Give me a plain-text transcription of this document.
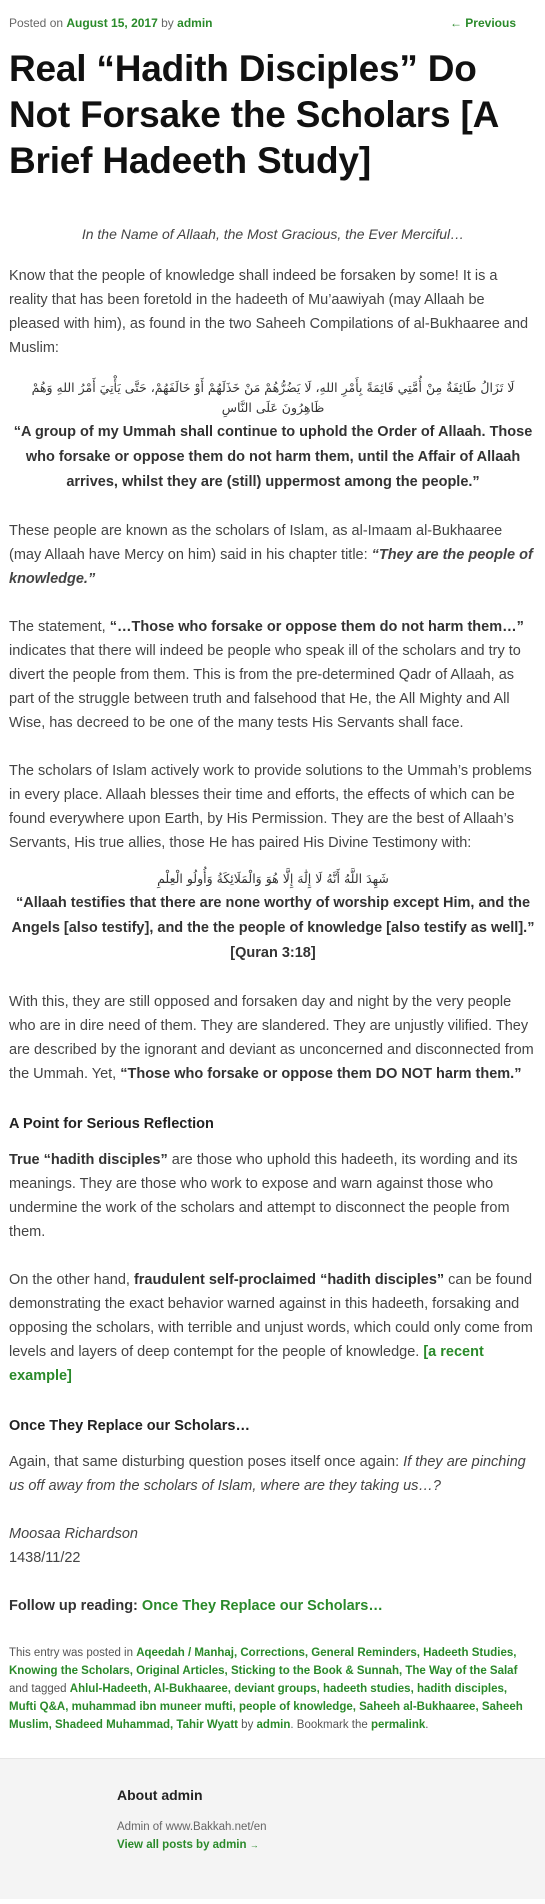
Posted on August 15, 2017 by admin	← Previous
Real “Hadith Disciples” Do Not Forsake the Scholars [A Brief Hadeeth Study]
In the Name of Allaah, the Most Gracious, the Ever Merciful…

Know that the people of knowledge shall indeed be forsaken by some! It is a reality that has been foretold in the hadeeth of Mu’aawiyah (may Allaah be pleased with him), as found in the two Saheeh Compilations of al-Bukhaaree and Muslim:

لَا تَزَالُ طَائِفَةٌ مِنْ أُمَّتِي قَائِمَةً بِأَمْرِ اللهِ، لَا يَضُرُّهُمْ مَنْ خَذَلَهُمْ أَوْ خَالَفَهُمْ، حَتَّى يَأْتِيَ أَمْرُ اللهِ وَهُمْ ظَاهِرُونَ عَلَى النَّاسِ
“A group of my Ummah shall continue to uphold the Order of Allaah. Those who forsake or oppose them do not harm them, until the Affair of Allaah arrives, whilst they are (still) uppermost among the people.”

These people are known as the scholars of Islam, as al-Imaam al-Bukhaaree (may Allaah have Mercy on him) said in his chapter title: “They are the people of knowledge.”

The statement, “…Those who forsake or oppose them do not harm them…” indicates that there will indeed be people who speak ill of the scholars and try to divert the people from them. This is from the pre-determined Qadr of Allaah, as part of the struggle between truth and falsehood that He, the All Mighty and All Wise, has decreed to be one of the many tests His Servants shall face.

The scholars of Islam actively work to provide solutions to the Ummah’s problems in every place. Allaah blesses their time and efforts, the effects of which can be found everywhere upon Earth, by His Permission. They are the best of Allaah’s Servants, His true allies, those He has paired His Divine Testimony with:

شَهِدَ اللَّهُ أَنَّهُ لَا إِلَٰهَ إِلَّا هُوَ وَالْمَلَائِكَةُ وَأُولُو الْعِلْمِ
“Allaah testifies that there are none worthy of worship except Him, and the Angels [also testify], and the the people of knowledge [also testify as well].” [Quran 3:18]

With this, they are still opposed and forsaken day and night by the very people who are in dire need of them. They are slandered. They are unjustly vilified. They are described by the ignorant and deviant as unconcerned and disconnected from the Ummah. Yet, “Those who forsake or oppose them DO NOT harm them.”

A Point for Serious Reflection

True “hadith disciples” are those who uphold this hadeeth, its wording and its meanings. They are those who work to expose and warn against those who undermine the work of the scholars and attempt to disconnect the people from them.

On the other hand, fraudulent self-proclaimed “hadith disciples” can be found demonstrating the exact behavior warned against in this hadeeth, forsaking and opposing the scholars, with terrible and unjust words, which could only come from levels and layers of deep contempt for the people of knowledge. [a recent example]

Once They Replace our Scholars…

Again, that same disturbing question poses itself once again: If they are pinching us off away from the scholars of Islam, where are they taking us…?

Moosaa Richardson
1438/11/22

Follow up reading: Once They Replace our Scholars…

This entry was posted in Aqeedah / Manhaj, Corrections, General Reminders, Hadeeth Studies, Knowing the Scholars, Original Articles, Sticking to the Book & Sunnah, The Way of the Salaf and tagged Ahlul-Hadeeth, Al-Bukhaaree, deviant groups, hadeeth studies, hadith disciples, Mufti Q&A, muhammad ibn muneer mufti, people of knowledge, Saheeh al-Bukhaaree, Saheeh Muslim, Shadeed Muhammad, Tahir Wyatt by admin. Bookmark the permalink.
About admin
Admin of www.Bakkah.net/en
View all posts by admin →
